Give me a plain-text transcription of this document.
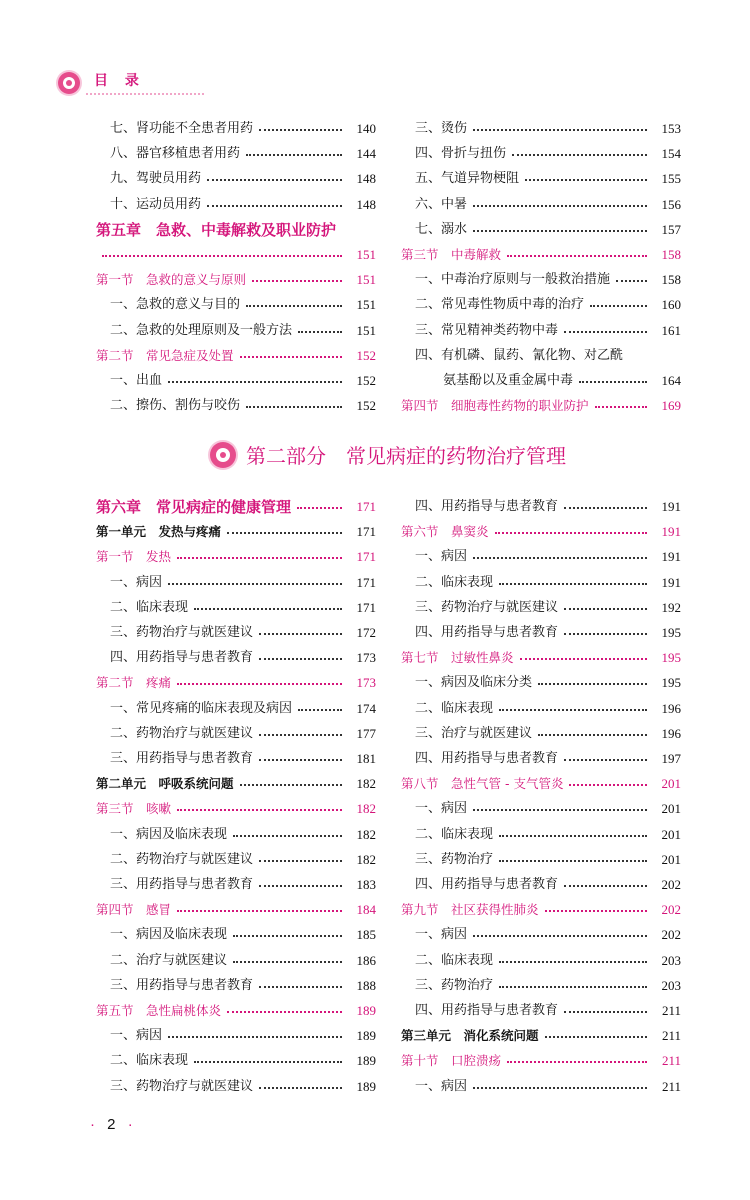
目 录
七、肾功能不全患者用药	140
八、器官移植患者用药	144
九、驾驶员用药	148
十、运动员用药	148
第五章　急救、中毒解救及职业防护
151
第一节　急救的意义与原则	151
一、急救的意义与目的	151
二、急救的处理原则及一般方法	151
第二节　常见急症及处置	152
一、出血	152
二、擦伤、割伤与咬伤	152
三、烫伤	153
四、骨折与扭伤	154
五、气道异物梗阻	155
六、中暑	156
七、溺水	157
第三节　中毒解救	158
一、中毒治疗原则与一般救治措施	158
二、常见毒性物质中毒的治疗	160
三、常见精神类药物中毒	161
四、有机磷、鼠药、氰化物、对乙酰
氨基酚以及重金属中毒	164
第四节　细胞毒性药物的职业防护	169
第二部分　常见病症的药物治疗管理
第六章　常见病症的健康管理	171
第一单元　发热与疼痛	171
第一节　发热	171
一、病因	171
二、临床表现	171
三、药物治疗与就医建议	172
四、用药指导与患者教育	173
第二节　疼痛	173
一、常见疼痛的临床表现及病因	174
二、药物治疗与就医建议	177
三、用药指导与患者教育	181
第二单元　呼吸系统问题	182
第三节　咳嗽	182
一、病因及临床表现	182
二、药物治疗与就医建议	182
三、用药指导与患者教育	183
第四节　感冒	184
一、病因及临床表现	185
二、治疗与就医建议	186
三、用药指导与患者教育	188
第五节　急性扁桃体炎	189
一、病因	189
二、临床表现	189
三、药物治疗与就医建议	189
四、用药指导与患者教育	191
第六节　鼻窦炎	191
一、病因	191
二、临床表现	191
三、药物治疗与就医建议	192
四、用药指导与患者教育	195
第七节　过敏性鼻炎	195
一、病因及临床分类	195
二、临床表现	196
三、治疗与就医建议	196
四、用药指导与患者教育	197
第八节　急性气管 - 支气管炎	201
一、病因	201
二、临床表现	201
三、药物治疗	201
四、用药指导与患者教育	202
第九节　社区获得性肺炎	202
一、病因	202
二、临床表现	203
三、药物治疗	203
四、用药指导与患者教育	211
第三单元　消化系统问题	211
第十节　口腔溃疡	211
一、病因	211
· 2 ·
